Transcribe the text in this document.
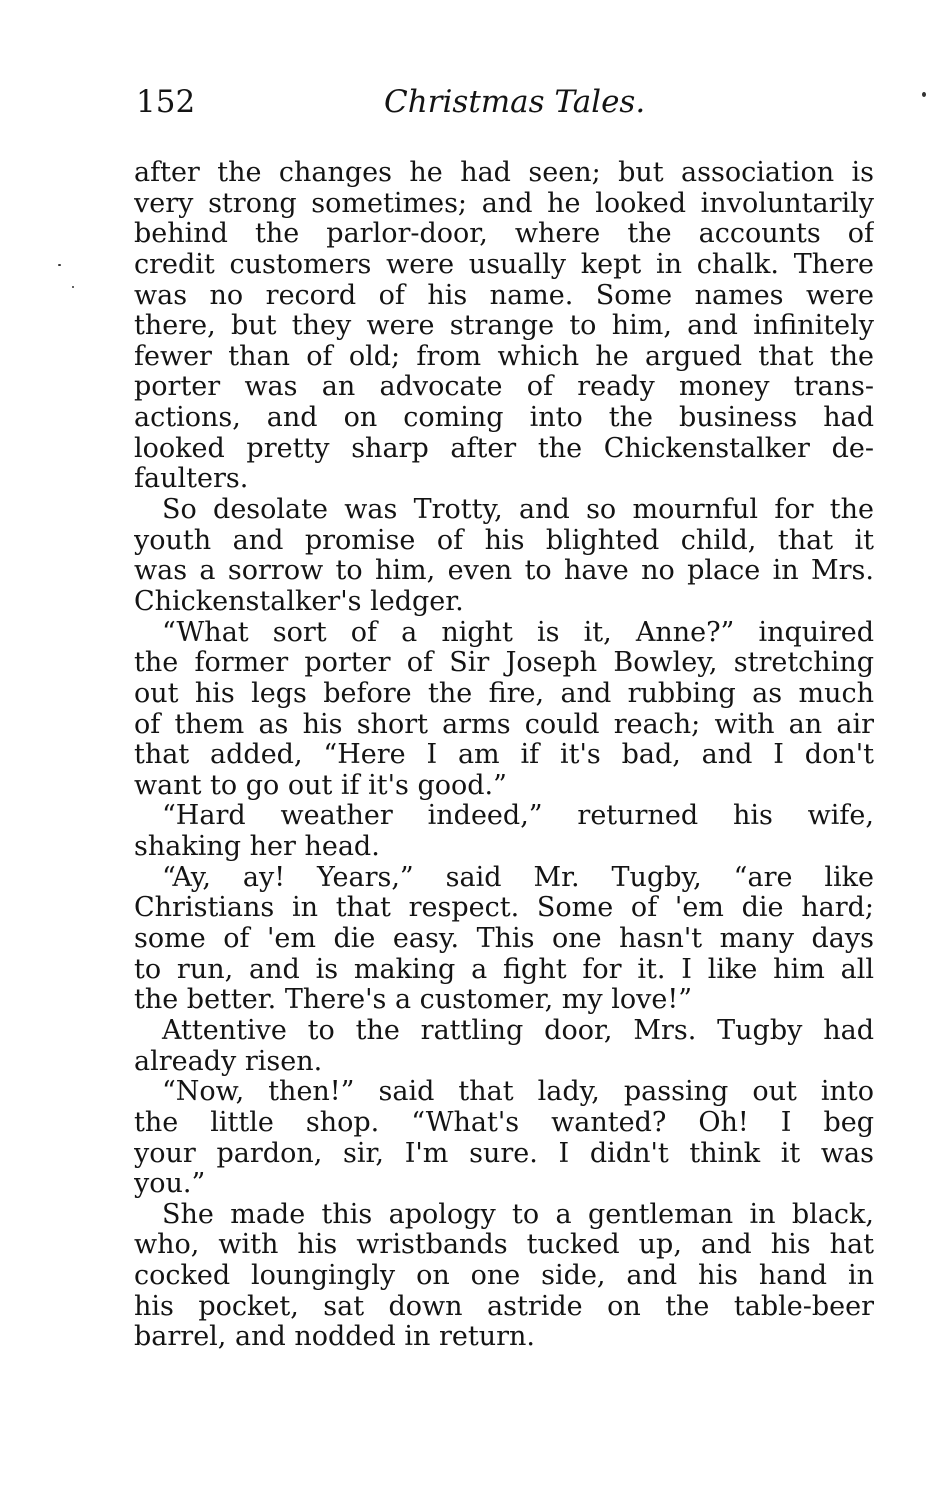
152	Christmas Tales.
after the changes he had seen; but association is
very strong sometimes; and he looked involuntarily
behind the parlor-door, where the accounts of
credit customers were usually kept in chalk. There
was no record of his name. Some names were
there, but they were strange to him, and infinitely
fewer than of old; from which he argued that the
porter was an advocate of ready money trans-
actions, and on coming into the business had
looked pretty sharp after the Chickenstalker de-
faulters.
So desolate was Trotty, and so mournful for the
youth and promise of his blighted child, that it
was a sorrow to him, even to have no place in Mrs.
Chickenstalker's ledger.
“What sort of a night is it, Anne?” inquired
the former porter of Sir Joseph Bowley, stretching
out his legs before the fire, and rubbing as much
of them as his short arms could reach; with an air
that added, “Here I am if it's bad, and I don't
want to go out if it's good.”
“Hard weather indeed,” returned his wife,
shaking her head.
“Ay, ay! Years,” said Mr. Tugby, “are like
Christians in that respect. Some of 'em die hard;
some of 'em die easy. This one hasn't many days
to run, and is making a fight for it. I like him all
the better. There's a customer, my love!”
Attentive to the rattling door, Mrs. Tugby had
already risen.
“Now, then!” said that lady, passing out into
the little shop. “What's wanted? Oh! I beg
your pardon, sir, I'm sure. I didn't think it was
you.”
She made this apology to a gentleman in black,
who, with his wristbands tucked up, and his hat
cocked loungingly on one side, and his hand in
his pocket, sat down astride on the table-beer
barrel, and nodded in return.
